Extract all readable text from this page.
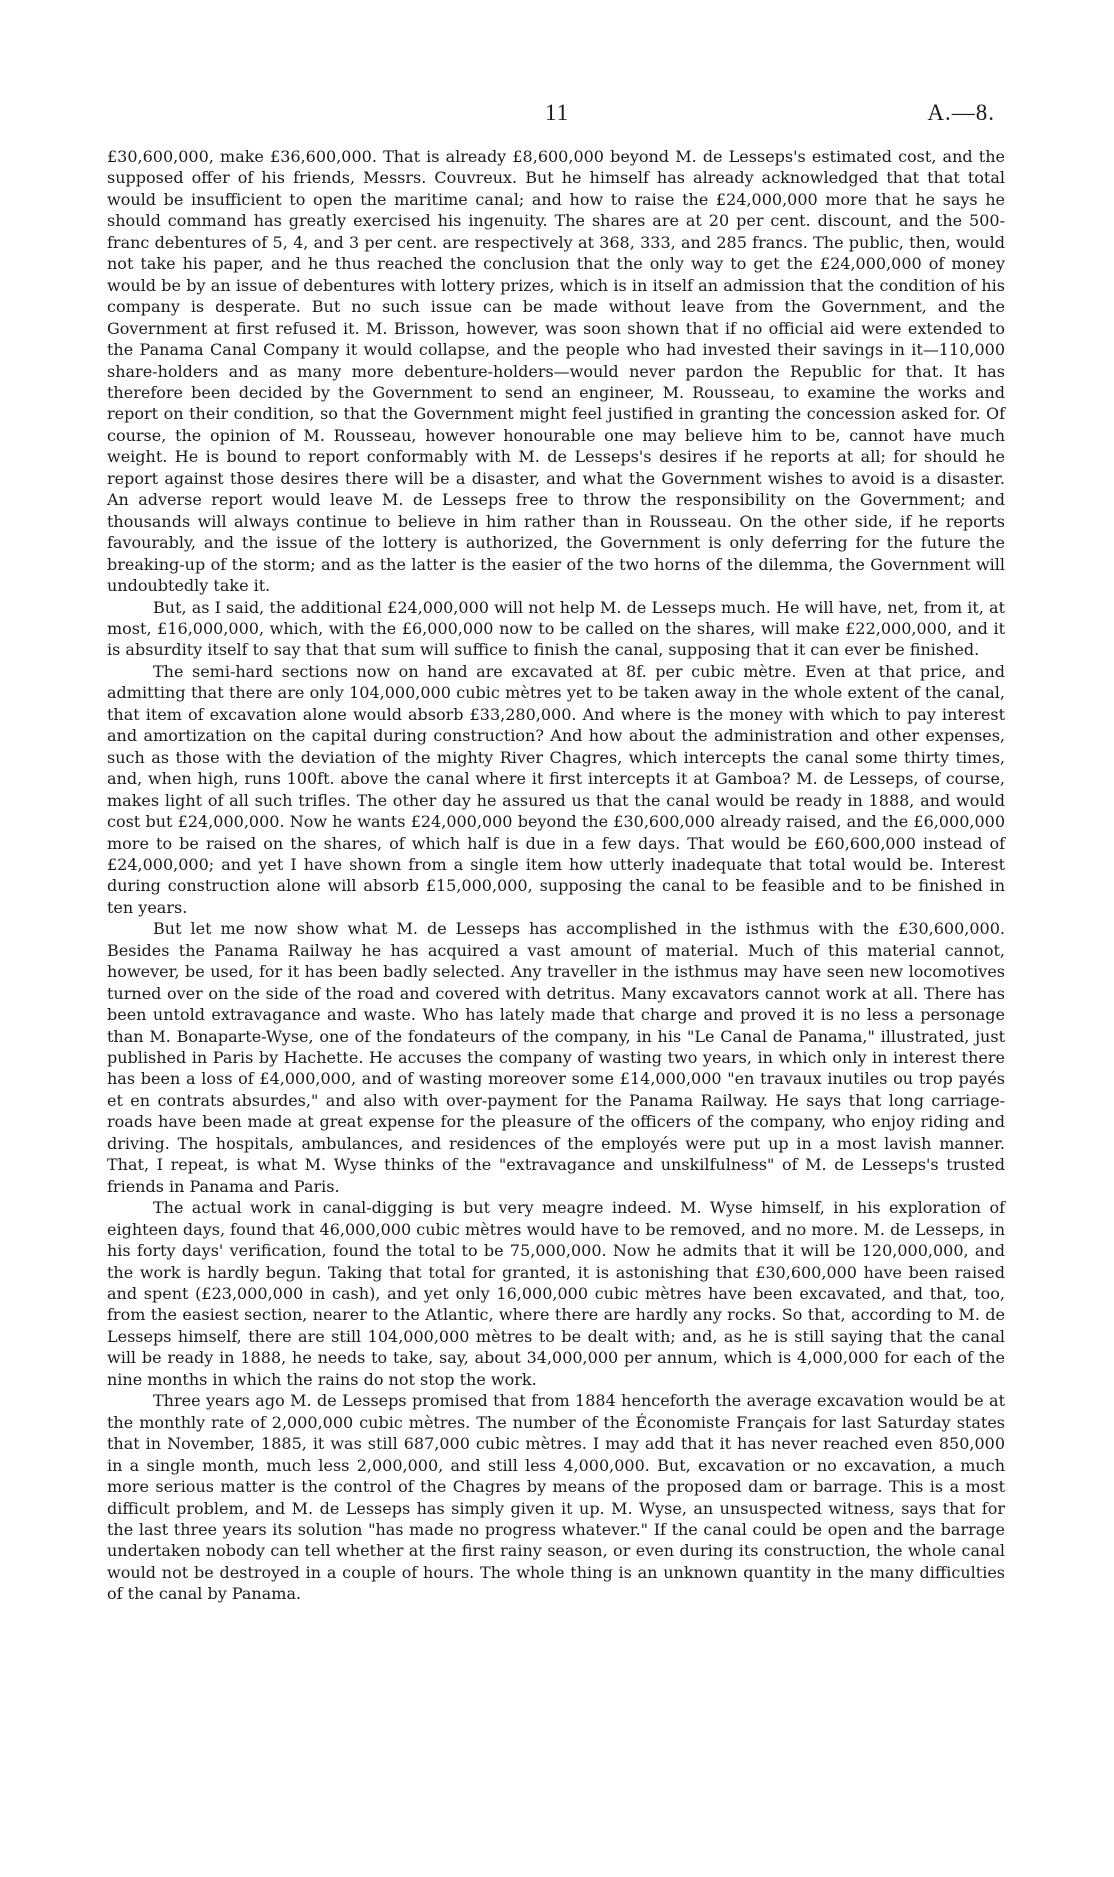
11	A.—8.

£30,600,000, make £36,600,000. That is already £8,600,000 beyond M. de Lesseps's estimated cost, and the supposed offer of his friends, Messrs. Couvreux. But he himself has already acknowledged that that total would be insufficient to open the maritime canal; and how to raise the £24,000,000 more that he says he should command has greatly exercised his ingenuity. The shares are at 20 per cent. discount, and the 500-franc debentures of 5, 4, and 3 per cent. are respectively at 368, 333, and 285 francs. The public, then, would not take his paper, and he thus reached the conclusion that the only way to get the £24,000,000 of money would be by an issue of debentures with lottery prizes, which is in itself an admission that the condition of his company is desperate. But no such issue can be made without leave from the Government, and the Government at first refused it. M. Brisson, however, was soon shown that if no official aid were extended to the Panama Canal Company it would collapse, and the people who had invested their savings in it—110,000 share-holders and as many more debenture-holders—would never pardon the Republic for that. It has therefore been decided by the Government to send an engineer, M. Rousseau, to examine the works and report on their condition, so that the Government might feel justified in granting the concession asked for. Of course, the opinion of M. Rousseau, however honourable one may believe him to be, cannot have much weight. He is bound to report conformably with M. de Lesseps's desires if he reports at all; for should he report against those desires there will be a disaster, and what the Government wishes to avoid is a disaster. An adverse report would leave M. de Lesseps free to throw the responsibility on the Government; and thousands will always continue to believe in him rather than in Rousseau. On the other side, if he reports favourably, and the issue of the lottery is authorized, the Government is only deferring for the future the breaking-up of the storm; and as the latter is the easier of the two horns of the dilemma, the Government will undoubtedly take it.

But, as I said, the additional £24,000,000 will not help M. de Lesseps much. He will have, net, from it, at most, £16,000,000, which, with the £6,000,000 now to be called on the shares, will make £22,000,000, and it is absurdity itself to say that that sum will suffice to finish the canal, supposing that it can ever be finished.

The semi-hard sections now on hand are excavated at 8f. per cubic mètre. Even at that price, and admitting that there are only 104,000,000 cubic mètres yet to be taken away in the whole extent of the canal, that item of excavation alone would absorb £33,280,000. And where is the money with which to pay interest and amortization on the capital during construction? And how about the administration and other expenses, such as those with the deviation of the mighty River Chagres, which intercepts the canal some thirty times, and, when high, runs 100ft. above the canal where it first intercepts it at Gamboa? M. de Lesseps, of course, makes light of all such trifles. The other day he assured us that the canal would be ready in 1888, and would cost but £24,000,000. Now he wants £24,000,000 beyond the £30,600,000 already raised, and the £6,000,000 more to be raised on the shares, of which half is due in a few days. That would be £60,600,000 instead of £24,000,000; and yet I have shown from a single item how utterly inadequate that total would be. Interest during construction alone will absorb £15,000,000, supposing the canal to be feasible and to be finished in ten years.

But let me now show what M. de Lesseps has accomplished in the isthmus with the £30,600,000. Besides the Panama Railway he has acquired a vast amount of material. Much of this material cannot, however, be used, for it has been badly selected. Any traveller in the isthmus may have seen new locomotives turned over on the side of the road and covered with detritus. Many excavators cannot work at all. There has been untold extravagance and waste. Who has lately made that charge and proved it is no less a personage than M. Bonaparte-Wyse, one of the fondateurs of the company, in his "Le Canal de Panama," illustrated, just published in Paris by Hachette. He accuses the company of wasting two years, in which only in interest there has been a loss of £4,000,000, and of wasting moreover some £14,000,000 "en travaux inutiles ou trop payés et en contrats absurdes," and also with over-payment for the Panama Railway. He says that long carriage-roads have been made at great expense for the pleasure of the officers of the company, who enjoy riding and driving. The hospitals, ambulances, and residences of the employés were put up in a most lavish manner. That, I repeat, is what M. Wyse thinks of the "extravagance and unskilfulness" of M. de Lesseps's trusted friends in Panama and Paris.

The actual work in canal-digging is but very meagre indeed. M. Wyse himself, in his exploration of eighteen days, found that 46,000,000 cubic mètres would have to be removed, and no more. M. de Lesseps, in his forty days' verification, found the total to be 75,000,000. Now he admits that it will be 120,000,000, and the work is hardly begun. Taking that total for granted, it is astonishing that £30,600,000 have been raised and spent (£23,000,000 in cash), and yet only 16,000,000 cubic mètres have been excavated, and that, too, from the easiest section, nearer to the Atlantic, where there are hardly any rocks. So that, according to M. de Lesseps himself, there are still 104,000,000 mètres to be dealt with; and, as he is still saying that the canal will be ready in 1888, he needs to take, say, about 34,000,000 per annum, which is 4,000,000 for each of the nine months in which the rains do not stop the work.

Three years ago M. de Lesseps promised that from 1884 henceforth the average excavation would be at the monthly rate of 2,000,000 cubic mètres. The number of the Économiste Français for last Saturday states that in November, 1885, it was still 687,000 cubic mètres. I may add that it has never reached even 850,000 in a single month, much less 2,000,000, and still less 4,000,000. But, excavation or no excavation, a much more serious matter is the control of the Chagres by means of the proposed dam or barrage. This is a most difficult problem, and M. de Lesseps has simply given it up. M. Wyse, an unsuspected witness, says that for the last three years its solution "has made no progress whatever." If the canal could be open and the barrage undertaken nobody can tell whether at the first rainy season, or even during its construction, the whole canal would not be destroyed in a couple of hours. The whole thing is an unknown quantity in the many difficulties of the canal by Panama.
